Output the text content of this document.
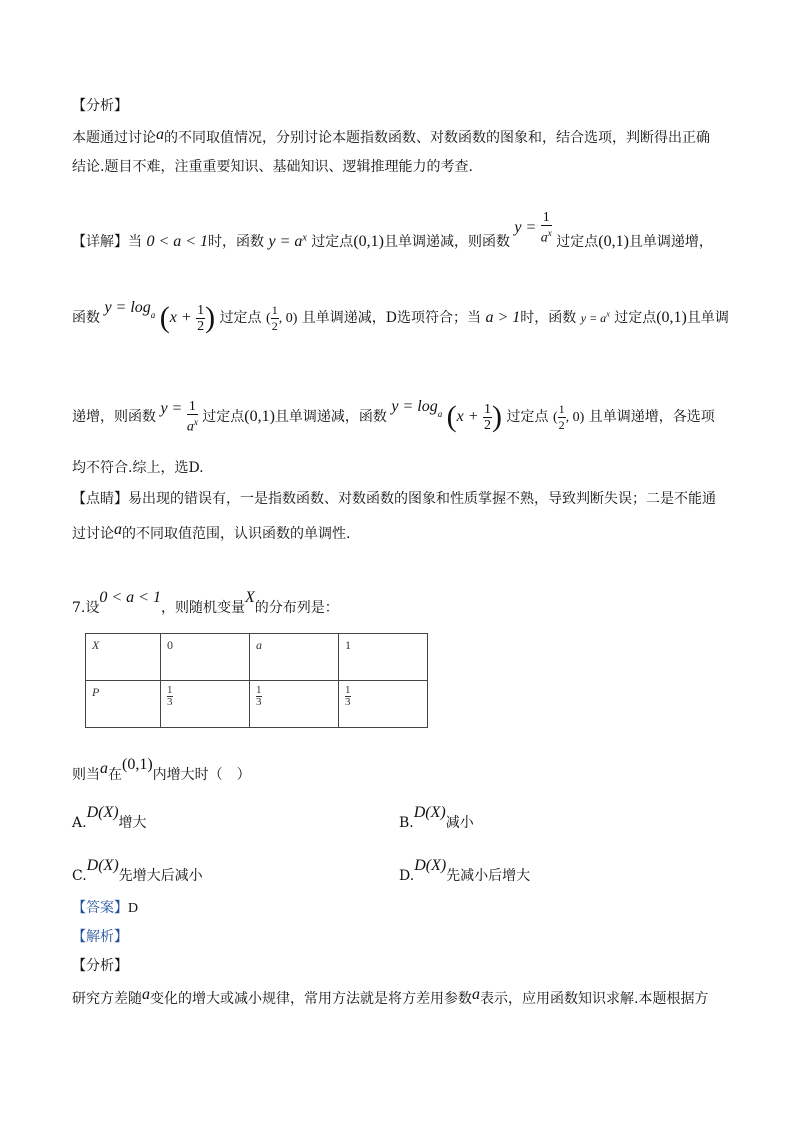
【分析】
本题通过讨论a的不同取值情况，分别讨论本题指数函数、对数函数的图象和，结合选项，判断得出正确
结论.题目不难，注重重要知识、基础知识、逻辑推理能力的考查.
【详解】当 0 < a < 1时，函数 $y = a^x$ 过定点(0,1)且单调递减，则函数 $y = \frac{1}{a^x}$ 过定点(0,1)且单调递增，
函数 $y = \log_a (x + \frac{1}{2}$ ) 过定点 ( $\frac{1}{2}$ , 0) 且单调递减，D选项符合；当 a > 1时，函数 $y = a^x$ 过定点(0,1)且单调
递增，则函数 $y = \frac{1}{a^x}$ 过定点(0,1)且单调递减，函数 $y = \log_a (x + \frac{1}{2}$ ) 过定点 ( $\frac{1}{2}$ , 0) 且单调递增，各选项
均不符合.综上，选D.
【点睛】易出现的错误有，一是指数函数、对数函数的图象和性质掌握不熟，导致判断失误；二是不能通
过讨论a的不同取值范围，认识函数的单调性.
7.设0 < a < 1，则随机变量X的分布列是：
X	0	a	1
P	$\frac{1}{3}$	$\frac{1}{3}$	$\frac{1}{3}$
则当a在(0,1)内增大时（　）
A.D(X)增大	B.D(X)减小
C.D(X)先增大后减小	D.D(X)先减小后增大
【答案】D
【解析】
【分析】
研究方差随a变化的增大或减小规律，常用方法就是将方差用参数a表示，应用函数知识求解.本题根据方
